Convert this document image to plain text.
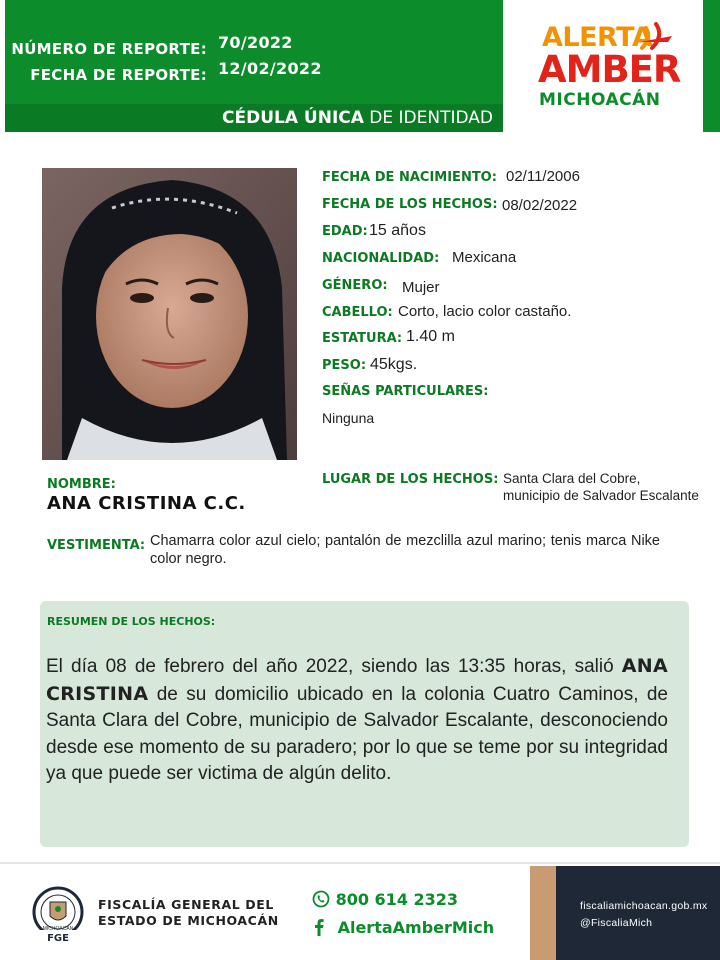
NÚMERO DE REPORTE: 70/2022
FECHA DE REPORTE: 12/02/2022
CÉDULA ÚNICA DE IDENTIDAD
ALERTA
AMBER
MICHOACÁN
FECHA DE NACIMIENTO: 02/11/2006
FECHA DE LOS HECHOS: 08/02/2022
EDAD: 15 años
NACIONALIDAD: Mexicana
GÉNERO: Mujer
CABELLO: Corto, lacio color castaño.
ESTATURA: 1.40 m
PESO: 45kgs.
SEÑAS PARTICULARES:
Ninguna
NOMBRE:
ANA CRISTINA C.C.
LUGAR DE LOS HECHOS: Santa Clara del Cobre,
municipio de Salvador Escalante
VESTIMENTA: Chamarra color azul cielo; pantalón de mezclilla azul marino; tenis marca Nike color negro.
RESUMEN DE LOS HECHOS:
El día 08 de febrero del año 2022, siendo las 13:35 horas, salió ANA CRISTINA de su domicilio ubicado en la colonia Cuatro Caminos, de Santa Clara del Cobre, municipio de Salvador Escalante, desconociendo desde ese momento de su paradero; por lo que se teme por su integridad ya que puede ser victima de algún delito.
FGE
MICHOACÁN
FISCALÍA GENERAL DEL
ESTADO DE MICHOACÁN
800 614 2323
AlertaAmberMich
fiscaliamichoacan.gob.mx
@FiscaliaMich
